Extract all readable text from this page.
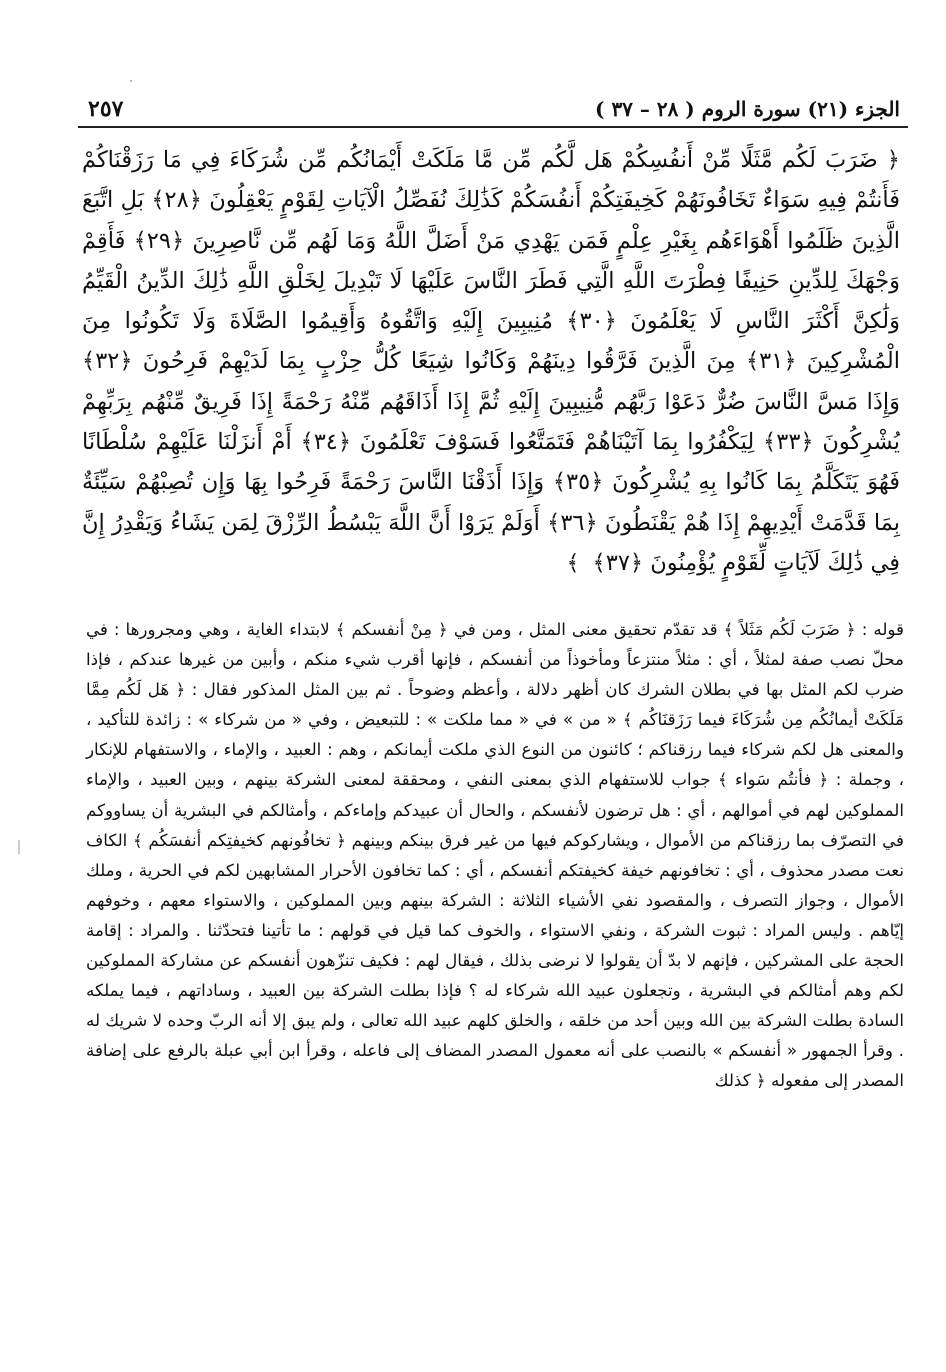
الجزء (٢١) سورة الروم ( ٢٨ – ٣٧ )
٢٥٧
﴿ ضَرَبَ لَكُم مَّثَلًا مِّنْ أَنفُسِكُمْ هَل لَّكُم مِّن مَّا مَلَكَتْ أَيْمَانُكُم مِّن شُرَكَاءَ فِي مَا رَزَقْنَاكُمْ فَأَنتُمْ فِيهِ سَوَاءٌ تَخَافُونَهُمْ كَخِيفَتِكُمْ أَنفُسَكُمْ كَذَٰلِكَ نُفَصِّلُ الْآيَاتِ لِقَوْمٍ يَعْقِلُونَ ﴿٢٨﴾ بَلِ اتَّبَعَ الَّذِينَ ظَلَمُوا أَهْوَاءَهُم بِغَيْرِ عِلْمٍ فَمَن يَهْدِي مَنْ أَضَلَّ اللَّهُ وَمَا لَهُم مِّن نَّاصِرِينَ ﴿٢٩﴾ فَأَقِمْ وَجْهَكَ لِلدِّينِ حَنِيفًا فِطْرَتَ اللَّهِ الَّتِي فَطَرَ النَّاسَ عَلَيْهَا لَا تَبْدِيلَ لِخَلْقِ اللَّهِ ذَٰلِكَ الدِّينُ الْقَيِّمُ وَلَٰكِنَّ أَكْثَرَ النَّاسِ لَا يَعْلَمُونَ ﴿٣٠﴾ مُنِيبِينَ إِلَيْهِ وَاتَّقُوهُ وَأَقِيمُوا الصَّلَاةَ وَلَا تَكُونُوا مِنَ الْمُشْرِكِينَ ﴿٣١﴾ مِنَ الَّذِينَ فَرَّقُوا دِينَهُمْ وَكَانُوا شِيَعًا كُلُّ حِزْبٍ بِمَا لَدَيْهِمْ فَرِحُونَ ﴿٣٢﴾ وَإِذَا مَسَّ النَّاسَ ضُرٌّ دَعَوْا رَبَّهُم مُّنِيبِينَ إِلَيْهِ ثُمَّ إِذَا أَذَاقَهُم مِّنْهُ رَحْمَةً إِذَا فَرِيقٌ مِّنْهُم بِرَبِّهِمْ يُشْرِكُونَ ﴿٣٣﴾ لِيَكْفُرُوا بِمَا آتَيْنَاهُمْ فَتَمَتَّعُوا فَسَوْفَ تَعْلَمُونَ ﴿٣٤﴾ أَمْ أَنزَلْنَا عَلَيْهِمْ سُلْطَانًا فَهُوَ يَتَكَلَّمُ بِمَا كَانُوا بِهِ يُشْرِكُونَ ﴿٣٥﴾ وَإِذَا أَذَقْنَا النَّاسَ رَحْمَةً فَرِحُوا بِهَا وَإِن تُصِبْهُمْ سَيِّئَةٌ بِمَا قَدَّمَتْ أَيْدِيهِمْ إِذَا هُمْ يَقْنَطُونَ ﴿٣٦﴾ أَوَلَمْ يَرَوْا أَنَّ اللَّهَ يَبْسُطُ الرِّزْقَ لِمَن يَشَاءُ وَيَقْدِرُ إِنَّ فِي ذَٰلِكَ لَآيَاتٍ لِّقَوْمٍ يُؤْمِنُونَ ﴿٣٧﴾ ﴾

قوله : ﴿ ضَرَبَ لَكُم مَثَلاً ﴾ قد تقدّم تحقيق معنى المثل ، ومن في ﴿ مِنْ أنفسكم ﴾ لابتداء الغاية ، وهي ومجرورها : في محلّ نصب صفة لمثلاً ، أي : مثلاً منتزعاً ومأخوذاً من أنفسكم ، فإنها أقرب شيء منكم ، وأبين من غيرها عندكم ، فإذا ضرب لكم المثل بها في بطلان الشرك كان أظهر دلالة ، وأعظم وضوحاً . ثم بين المثل المذكور فقال : ﴿ هَل لَكُم مِمَّا مَلَكَتْ أيمانُكُم مِن شُرَكَاءَ فيما رَزَقنَاكُم ﴾ « من » في « مما ملكت » : للتبعيض ، وفي « من شركاء » : زائدة للتأكيد ، والمعنى هل لكم شركاء فيما رزقناكم ؛ كائنون من النوع الذي ملكت أيمانكم ، وهم : العبيد ، والإماء ، والاستفهام للإنكار ، وجملة : ﴿ فأنتُم سَواء ﴾ جواب للاستفهام الذي بمعنى النفي ، ومحققة لمعنى الشركة بينهم ، وبين العبيد ، والإماء المملوكين لهم في أموالهم ، أي : هل ترضون لأنفسكم ، والحال أن عبيدكم وإماءكم ، وأمثالكم في البشرية أن يساووكم في التصرّف بما رزقناكم من الأموال ، ويشاركوكم فيها من غير فرق بينكم وبينهم ﴿ تخافُونهم كخيفتِكم أنفسَكُم ﴾ الكاف نعت مصدر محذوف ، أي : تخافونهم خيفة كخيفتكم أنفسكم ، أي : كما تخافون الأحرار المشابهين لكم في الحرية ، وملك الأموال ، وجواز التصرف ، والمقصود نفي الأشياء الثلاثة : الشركة بينهم وبين المملوكين ، والاستواء معهم ، وخوفهم إيّاهم . وليس المراد : ثبوت الشركة ، ونفي الاستواء ، والخوف كما قيل في قولهم : ما تأتينا فتحدّثنا . والمراد : إقامة الحجة على المشركين ، فإنهم لا بدّ أن يقولوا لا نرضى بذلك ، فيقال لهم : فكيف تنزّهون أنفسكم عن مشاركة المملوكين لكم وهم أمثالكم في البشرية ، وتجعلون عبيد الله شركاء له ؟ فإذا بطلت الشركة بين العبيد ، وساداتهم ، فيما يملكه السادة بطلت الشركة بين الله وبين أحد من خلقه ، والخلق كلهم عبيد الله تعالى ، ولم يبق إلا أنه الربّ وحده لا شريك له . وقرأ الجمهور « أنفسكم » بالنصب على أنه معمول المصدر المضاف إلى فاعله ، وقرأ ابن أبي عبلة بالرفع على إضافة المصدر إلى مفعوله ﴿ كذلك
